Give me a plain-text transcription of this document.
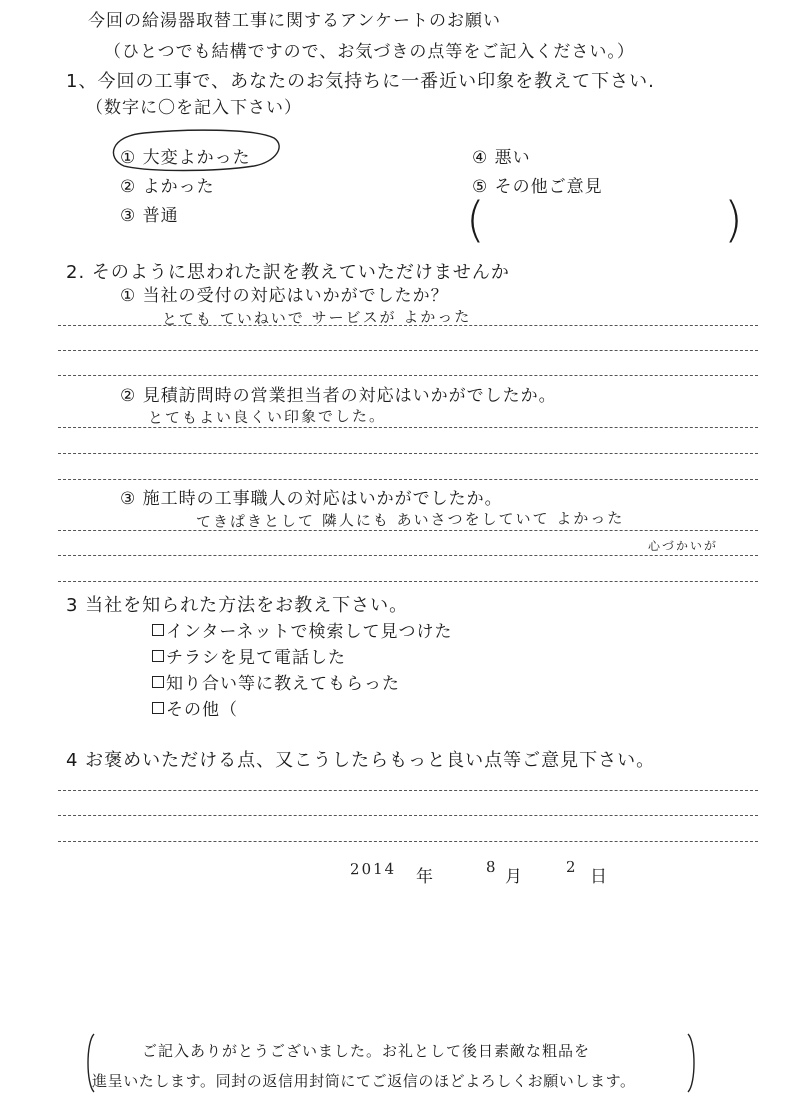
今回の給湯器取替工事に関するアンケートのお願い
（ひとつでも結構ですので、お気づきの点等をご記入ください。）
1、今回の工事で、あなたのお気持ちに一番近い印象を教えて下さい.
（数字に〇を記入下さい）
① 大変よかった
② よかった
③ 普通
④ 悪い
⑤ その他ご意見
(	)
2. そのように思われた訳を教えていただけませんか
① 当社の受付の対応はいかがでしたか？
とても ていねいで サービスが よかった
② 見積訪問時の営業担当者の対応はいかがでしたか。
とてもよい良くい印象でした。
③ 施工時の工事職人の対応はいかがでしたか。
てきぱきとして 隣人にも あいさつをしていて よかった
心づかいが
3 当社を知られた方法をお教え下さい。
インターネットで検索して見つけた
チラシを見て電話した
知り合い等に教えてもらった
その他（
4 お褒めいただける点、又こうしたらもっと良い点等ご意見下さい。
2014 年	8 月	2 日
ご記入ありがとうございました。お礼として後日素敵な粗品を
進呈いたします。同封の返信用封筒にてご返信のほどよろしくお願いします。
